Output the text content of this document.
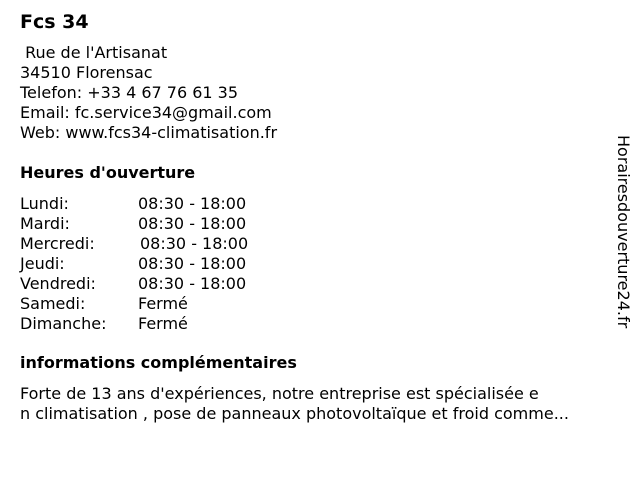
Fcs 34
Rue de l'Artisanat
34510 Florensac
Telefon: +33 4 67 76 61 35
Email: fc.service34@gmail.com
Web: www.fcs34-climatisation.fr
Heures d'ouverture
Lundi:	08:30 - 18:00
Mardi:	08:30 - 18:00
Mercredi:	08:30 - 18:00
Jeudi:	08:30 - 18:00
Vendredi:	08:30 - 18:00
Samedi:	Fermé
Dimanche: Fermé
informations complémentaires
Forte de 13 ans d'expériences, notre entreprise est spécialisée e
n climatisation , pose de panneaux photovoltaïque et froid comme...
Horairesdouverture24.fr
